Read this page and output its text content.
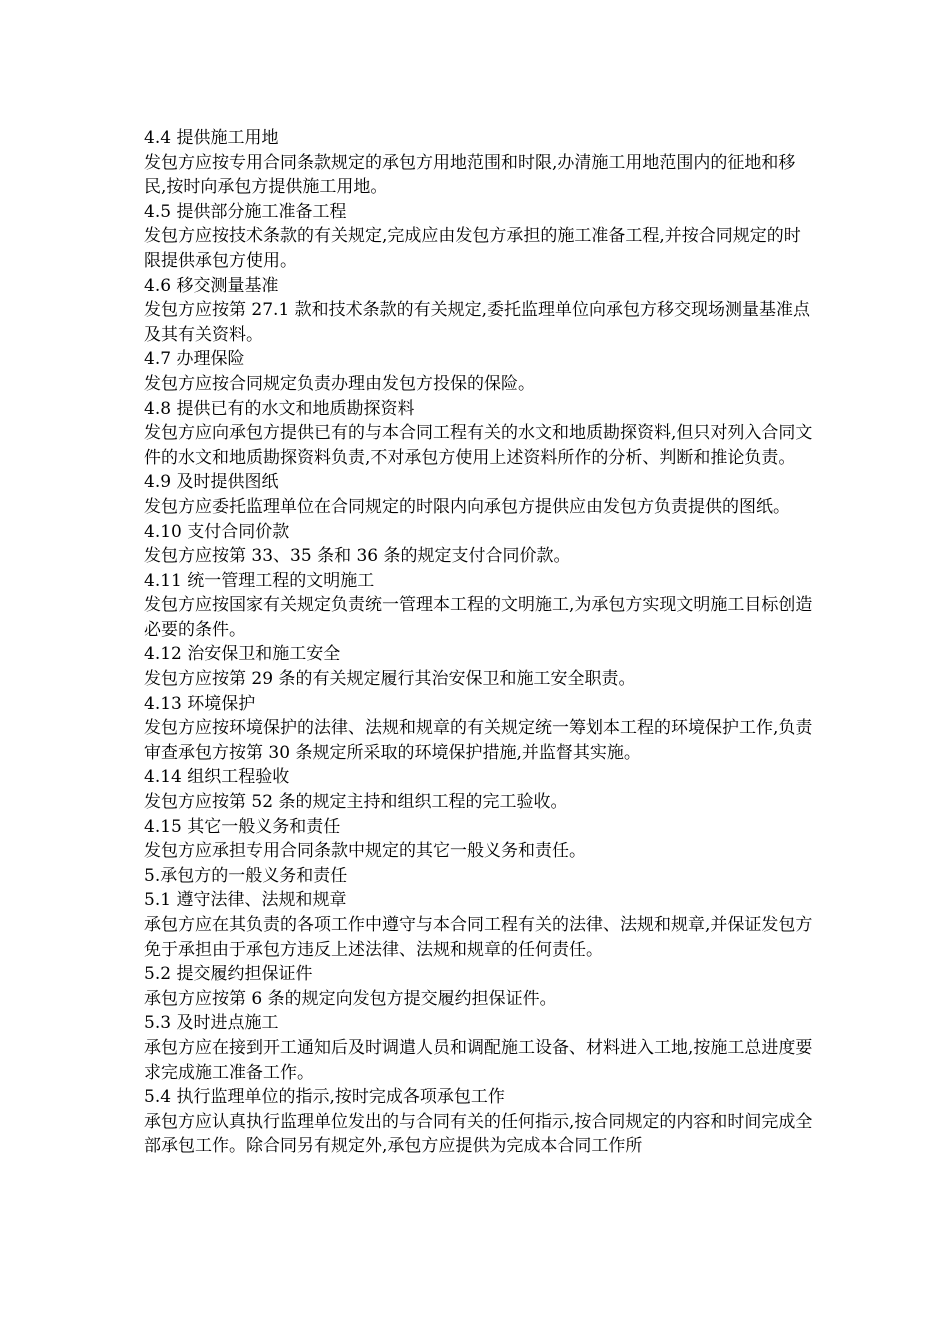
4.4 提供施工用地

发包方应按专用合同条款规定的承包方用地范围和时限,办清施工用地范围内的征地和移民,按时向承包方提供施工用地。

4.5 提供部分施工准备工程

发包方应按技术条款的有关规定,完成应由发包方承担的施工准备工程,并按合同规定的时限提供承包方使用。

4.6 移交测量基准

发包方应按第 27.1 款和技术条款的有关规定,委托监理单位向承包方移交现场测量基准点及其有关资料。

4.7 办理保险

发包方应按合同规定负责办理由发包方投保的保险。

4.8 提供已有的水文和地质勘探资料

发包方应向承包方提供已有的与本合同工程有关的水文和地质勘探资料,但只对列入合同文件的水文和地质勘探资料负责,不对承包方使用上述资料所作的分析、判断和推论负责。

4.9 及时提供图纸

发包方应委托监理单位在合同规定的时限内向承包方提供应由发包方负责提供的图纸。

4.10 支付合同价款

发包方应按第 33、35 条和 36 条的规定支付合同价款。

4.11 统一管理工程的文明施工

发包方应按国家有关规定负责统一管理本工程的文明施工,为承包方实现文明施工目标创造必要的条件。

4.12 治安保卫和施工安全

发包方应按第 29 条的有关规定履行其治安保卫和施工安全职责。

4.13 环境保护

发包方应按环境保护的法律、法规和规章的有关规定统一筹划本工程的环境保护工作,负责审查承包方按第 30 条规定所采取的环境保护措施,并监督其实施。

4.14 组织工程验收

发包方应按第 52 条的规定主持和组织工程的完工验收。

4.15 其它一般义务和责任

发包方应承担专用合同条款中规定的其它一般义务和责任。

5.承包方的一般义务和责任

5.1 遵守法律、法规和规章

承包方应在其负责的各项工作中遵守与本合同工程有关的法律、法规和规章,并保证发包方免于承担由于承包方违反上述法律、法规和规章的任何责任。

5.2 提交履约担保证件

承包方应按第 6 条的规定向发包方提交履约担保证件。

5.3 及时进点施工

承包方应在接到开工通知后及时调遣人员和调配施工设备、材料进入工地,按施工总进度要求完成施工准备工作。

5.4 执行监理单位的指示,按时完成各项承包工作

承包方应认真执行监理单位发出的与合同有关的任何指示,按合同规定的内容和时间完成全部承包工作。除合同另有规定外,承包方应提供为完成本合同工作所
